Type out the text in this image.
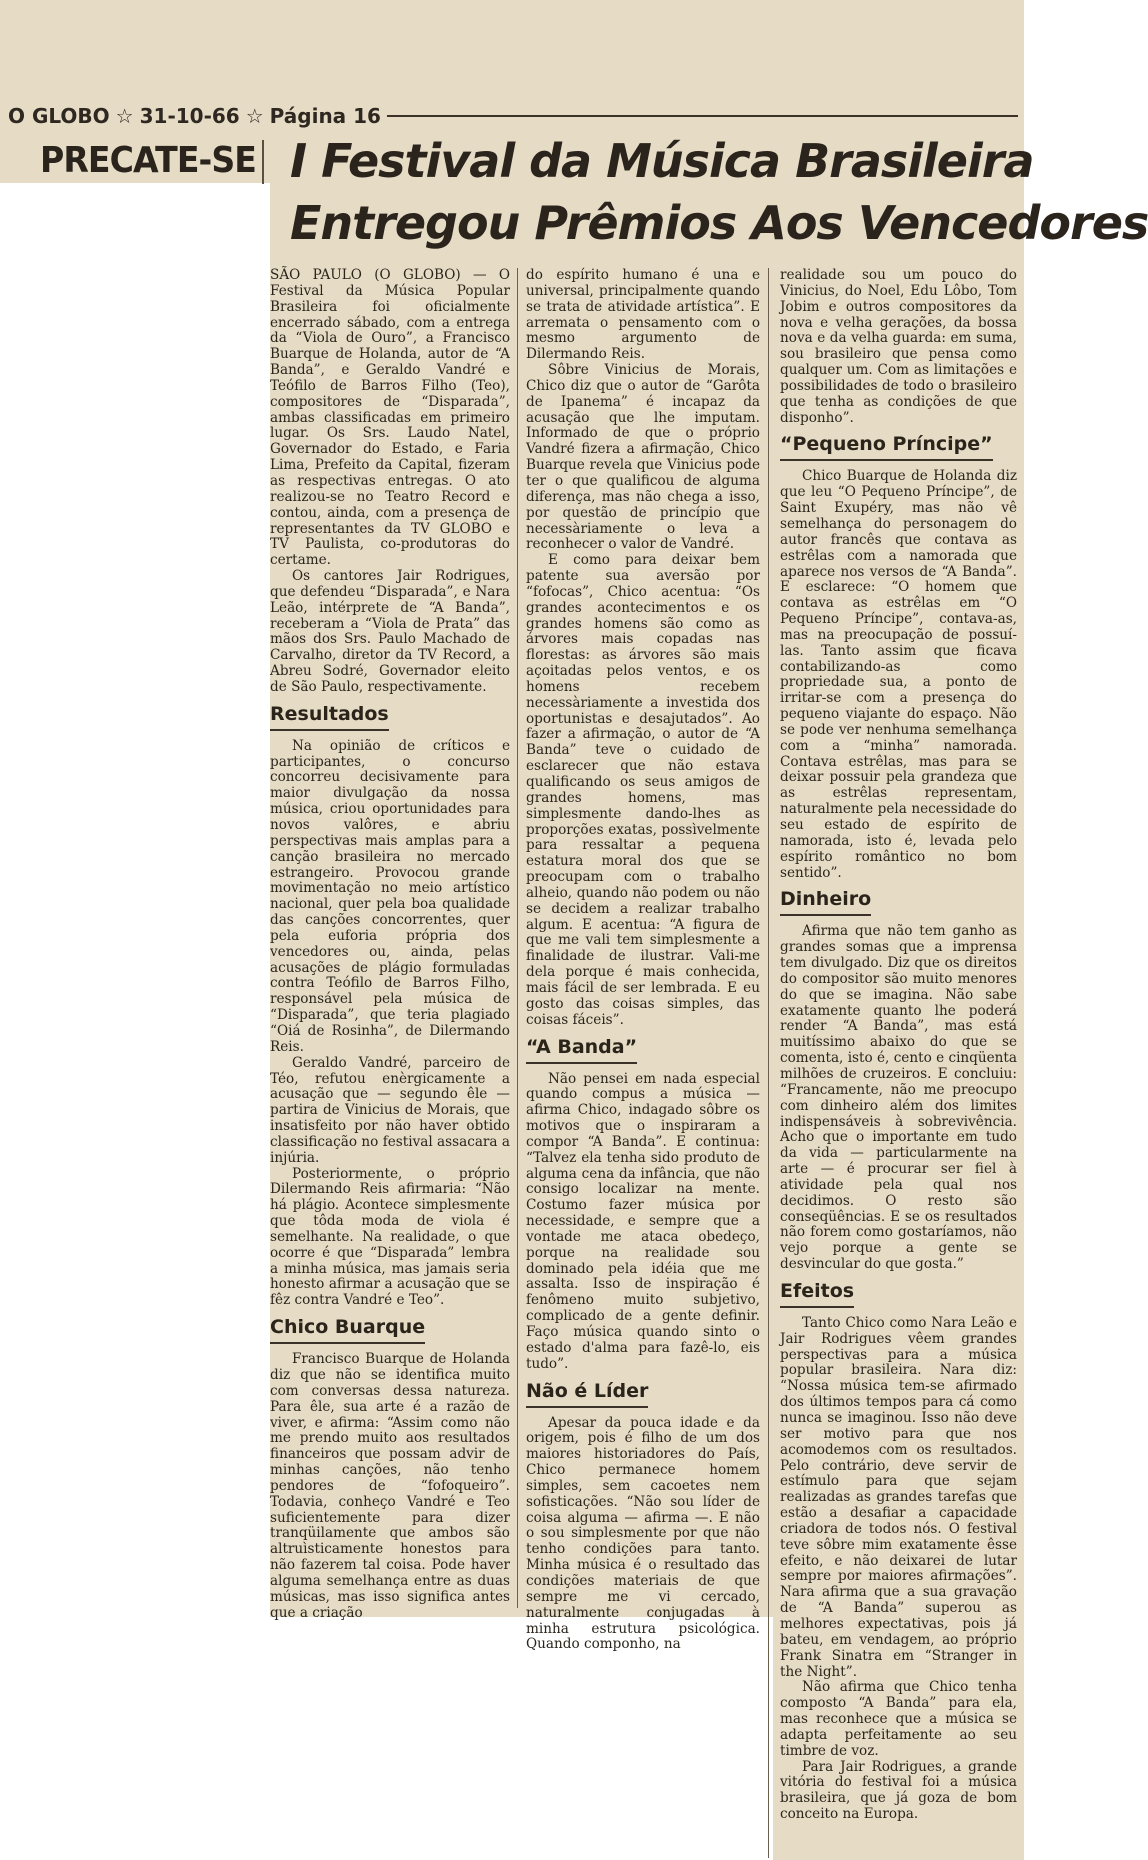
O GLOBO ☆ 31-10-66 ☆ Página 16
PRECATE-SE I Festival da Música Brasileira
Entregou Prêmios Aos Vencedores

SÃO PAULO (O GLOBO) — O Festival da Música Popular Brasileira foi oficialmente encerrado sábado, com a entrega da “Viola de Ouro”, a Francisco Buarque de Holanda, autor de “A Banda”, e Geraldo Vandré e Teófilo de Barros Filho (Teo), compositores de “Disparada”, ambas classificadas em primeiro lugar. Os Srs. Laudo Natel, Governador do Estado, e Faria Lima, Prefeito da Capital, fizeram as respectivas entregas. O ato realizou-se no Teatro Record e contou, ainda, com a presença de representantes da TV GLOBO e TV Paulista, co-produtoras do certame.

Os cantores Jair Rodrigues, que defendeu “Disparada”, e Nara Leão, intérprete de “A Banda”, receberam a “Viola de Prata” das mãos dos Srs. Paulo Machado de Carvalho, diretor da TV Record, a Abreu Sodré, Governador eleito de São Paulo, respectivamente.

Resultados

Na opinião de críticos e participantes, o concurso concorreu decisivamente para maior divulgação da nossa música, criou oportunidades para novos valôres, e abriu perspectivas mais amplas para a canção brasileira no mercado estrangeiro. Provocou grande movimentação no meio artístico nacional, quer pela boa qualidade das canções concorrentes, quer pela euforia própria dos vencedores ou, ainda, pelas acusações de plágio formuladas contra Teófilo de Barros Filho, responsável pela música de “Disparada”, que teria plagiado “Oiá de Rosinha”, de Dilermando Reis.

Geraldo Vandré, parceiro de Téo, refutou enèrgicamente a acusação que — segundo êle — partira de Vinicius de Morais, que insatisfeito por não haver obtido classificação no festival assacara a injúria.

Posteriormente, o próprio Dilermando Reis afirmaria: “Não há plágio. Acontece simplesmente que tôda moda de viola é semelhante. Na realidade, o que ocorre é que “Disparada” lembra a minha música, mas jamais seria honesto afirmar a acusação que se fêz contra Vandré e Teo”.

Chico Buarque

Francisco Buarque de Holanda diz que não se identifica muito com conversas dessa natureza. Para êle, sua arte é a razão de viver, e afirma: “Assim como não me prendo muito aos resultados financeiros que possam advir de minhas canções, não tenho pendores de “fofoqueiro”. Todavia, conheço Vandré e Teo suficientemente para dizer tranqüilamente que ambos são altruìsticamente honestos para não fazerem tal coisa. Pode haver alguma semelhança entre as duas músicas, mas isso significa antes que a criação

do espírito humano é una e universal, principalmente quando se trata de atividade artística”. E arremata o pensamento com o mesmo argumento de Dilermando Reis.

Sôbre Vinicius de Morais, Chico diz que o autor de “Garôta de Ipanema” é incapaz da acusação que lhe imputam. Informado de que o próprio Vandré fizera a afirmação, Chico Buarque revela que Vinicius pode ter o que qualificou de alguma diferença, mas não chega a isso, por questão de princípio que necessàriamente o leva a reconhecer o valor de Vandré.

E como para deixar bem patente sua aversão por “fofocas”, Chico acentua: “Os grandes acontecimentos e os grandes homens são como as árvores mais copadas nas florestas: as árvores são mais açoitadas pelos ventos, e os homens recebem necessàriamente a investida dos oportunistas e desajutados”. Ao fazer a afirmação, o autor de “A Banda” teve o cuidado de esclarecer que não estava qualificando os seus amigos de grandes homens, mas simplesmente dando-lhes as proporções exatas, possìvelmente para ressaltar a pequena estatura moral dos que se preocupam com o trabalho alheio, quando não podem ou não se decidem a realizar trabalho algum. E acentua: “A figura de que me vali tem simplesmente a finalidade de ilustrar. Vali-me dela porque é mais conhecida, mais fácil de ser lembrada. E eu gosto das coisas simples, das coisas fáceis”.

“A Banda”

Não pensei em nada especial quando compus a música — afirma Chico, indagado sôbre os motivos que o inspiraram a compor “A Banda”. E continua: “Talvez ela tenha sido produto de alguma cena da infância, que não consigo localizar na mente. Costumo fazer música por necessidade, e sempre que a vontade me ataca obedeço, porque na realidade sou dominado pela idéia que me assalta. Isso de inspiração é fenômeno muito subjetivo, complicado de a gente definir. Faço música quando sinto o estado d'alma para fazê-lo, eis tudo”.

Não é Líder

Apesar da pouca idade e da origem, pois é filho de um dos maiores historiadores do País, Chico permanece homem simples, sem cacoetes nem sofisticações. “Não sou líder de coisa alguma — afirma —. E não o sou simplesmente por que não tenho condições para tanto. Minha música é o resultado das condições materiais de que sempre me vi cercado, naturalmente conjugadas à minha estrutura psicológica. Quando componho, na

realidade sou um pouco do Vinicius, do Noel, Edu Lôbo, Tom Jobim e outros compositores da nova e velha gerações, da bossa nova e da velha guarda: em suma, sou brasileiro que pensa como qualquer um. Com as limitações e possibilidades de todo o brasileiro que tenha as condições de que disponho”.

“Pequeno Príncipe”

Chico Buarque de Holanda diz que leu “O Pequeno Príncipe”, de Saint Exupéry, mas não vê semelhança do personagem do autor francês que contava as estrêlas com a namorada que aparece nos versos de “A Banda”. E esclarece: “O homem que contava as estrêlas em “O Pequeno Príncipe”, contava-as, mas na preocupação de possuí-las. Tanto assim que ficava contabilizando-as como propriedade sua, a ponto de irritar-se com a presença do pequeno viajante do espaço. Não se pode ver nenhuma semelhança com a “minha” namorada. Contava estrêlas, mas para se deixar possuir pela grandeza que as estrêlas representam, naturalmente pela necessidade do seu estado de espírito de namorada, isto é, levada pelo espírito romântico no bom sentido”.

Dinheiro

Afirma que não tem ganho as grandes somas que a imprensa tem divulgado. Diz que os direitos do compositor são muito menores do que se imagina. Não sabe exatamente quanto lhe poderá render “A Banda”, mas está muitíssimo abaixo do que se comenta, isto é, cento e cinqüenta milhões de cruzeiros. E concluiu: “Francamente, não me preocupo com dinheiro além dos limites indispensáveis à sobrevivência. Acho que o importante em tudo da vida — particularmente na arte — é procurar ser fiel à atividade pela qual nos decidimos. O resto são conseqüências. E se os resultados não forem como gostaríamos, não vejo porque a gente se desvincular do que gosta.”

Efeitos

Tanto Chico como Nara Leão e Jair Rodrigues vêem grandes perspectivas para a música popular brasileira. Nara diz: “Nossa música tem-se afirmado dos últimos tempos para cá como nunca se imaginou. Isso não deve ser motivo para que nos acomodemos com os resultados. Pelo contrário, deve servir de estímulo para que sejam realizadas as grandes tarefas que estão a desafiar a capacidade criadora de todos nós. O festival teve sôbre mim exatamente êsse efeito, e não deixarei de lutar sempre por maiores afirmações”. Nara afirma que a sua gravação de “A Banda” superou as melhores expectativas, pois já bateu, em vendagem, ao próprio Frank Sinatra em “Stranger in the Night”.

Não afirma que Chico tenha composto “A Banda” para ela, mas reconhece que a música se adapta perfeitamente ao seu timbre de voz.

Para Jair Rodrigues, a grande vitória do festival foi a música brasileira, que já goza de bom conceito na Europa.
